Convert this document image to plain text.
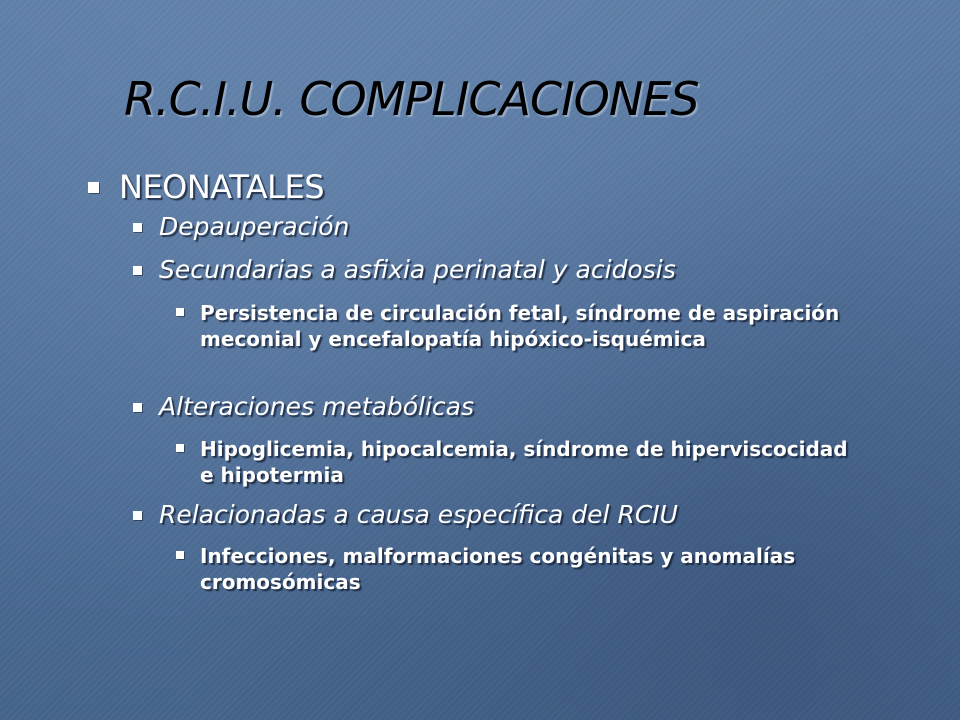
R.C.I.U. COMPLICACIONES
NEONATALES
Depauperación
Secundarias a asfixia perinatal y acidosis
Persistencia de circulación fetal, síndrome de aspiración meconial y encefalopatía hipóxico-isquémica
Alteraciones metabólicas
Hipoglicemia, hipocalcemia, síndrome de hiperviscocidad e hipotermia
Relacionadas a causa específica del RCIU
Infecciones, malformaciones congénitas y anomalías cromosómicas
